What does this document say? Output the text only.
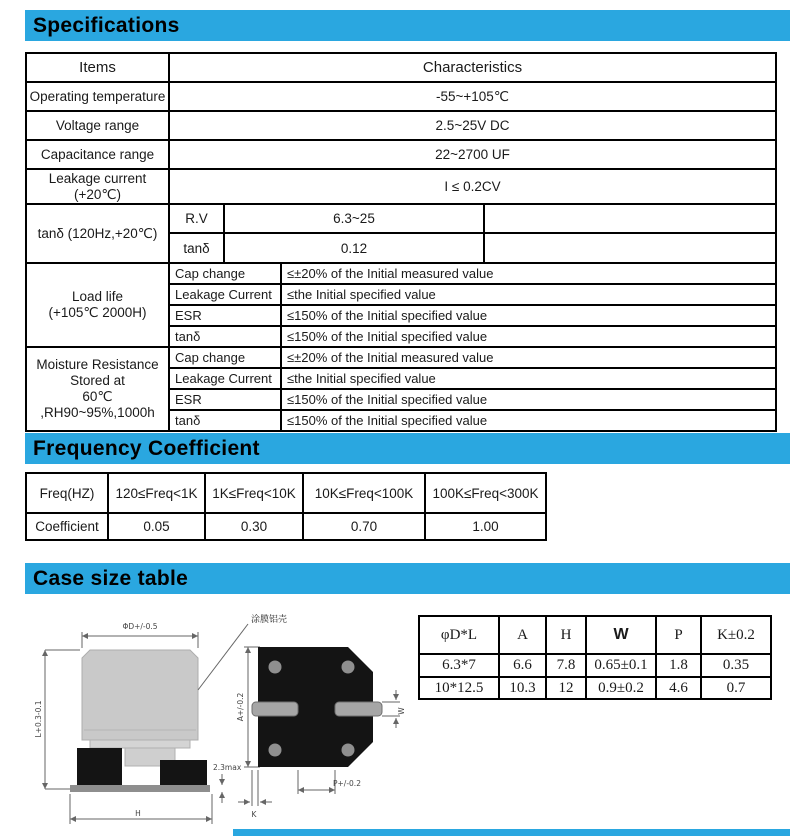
Specifications
Items	Characteristics			
Operating temperature	-55~+105℃			
Voltage range	2.5~25V DC			
Capacitance range	22~2700 UF			

Leakage current
(+20℃)	I ≤ 0.2CV			
tanδ (120Hz,+20℃)	R.V	6.3~25		
	tanδ	0.12		

Load life
(+105℃ 2000H)	Cap change		≤±20% of the Initial measured value	
	Leakage Current		≤the Initial specified value	
	ESR		≤150% of the Initial specified value	
	tanδ		≤150% of the Initial specified value	

Moisture Resistance
Stored at
60℃
,RH90~95%,1000h	Cap change		≤±20% of the Initial measured value	
	Leakage Current		≤the Initial specified value	
	ESR		≤150% of the Initial specified value	
	tanδ		≤150% of the Initial specified value	
Frequency Coefficient
Freq(HZ)	120≤Freq<1K	1K≤Freq<10K	10K≤Freq<100K	100K≤Freq<300K
Coefficient	0.05	0.30	0.70	1.00
Case size table
φD*L	A	H	W	P	K±0.2
6.3*7	6.6	7.8	0.65±0.1	1.8	0.35
10*12.5	10.3	12	0.9±0.2	4.6	0.7
ΦD+/-0.5
L+0.3-0.1
H
2.3max
涂膜铝壳
A+/-0.2	W
P+/-0.2
K
